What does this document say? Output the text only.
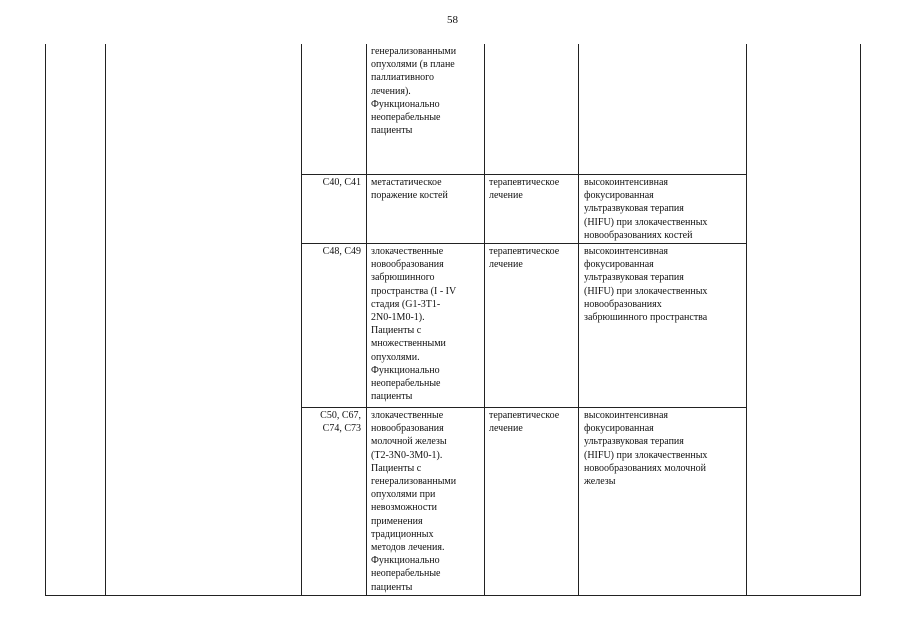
58
генерализованными
опухолями (в плане
паллиативного
лечения).
Функционально
неоперабельные
пациенты
C40, C41 метастатическое
поражение костей
терапевтическое
лечение
высокоинтенсивная
фокусированная
ультразвуковая терапия
(HIFU) при злокачественных
новообразованиях костей
C48, C49 злокачественные
новообразования
забрюшинного
пространства (I - IV
стадия (G1-3T1-
2N0-1M0-1).
Пациенты с
множественными
опухолями.
Функционально
неоперабельные
пациенты
терапевтическое
лечение
высокоинтенсивная
фокусированная
ультразвуковая терапия
(HIFU) при злокачественных
новообразованиях
забрюшинного пространства
C50, C67,
C74, C73
злокачественные
новообразования
молочной железы
(T2-3N0-3M0-1).
Пациенты с
генерализованными
опухолями при
невозможности
применения
традиционных
методов лечения.
Функционально
неоперабельные
пациенты
терапевтическое
лечение
высокоинтенсивная
фокусированная
ультразвуковая терапия
(HIFU) при злокачественных
новообразованиях молочной
железы
